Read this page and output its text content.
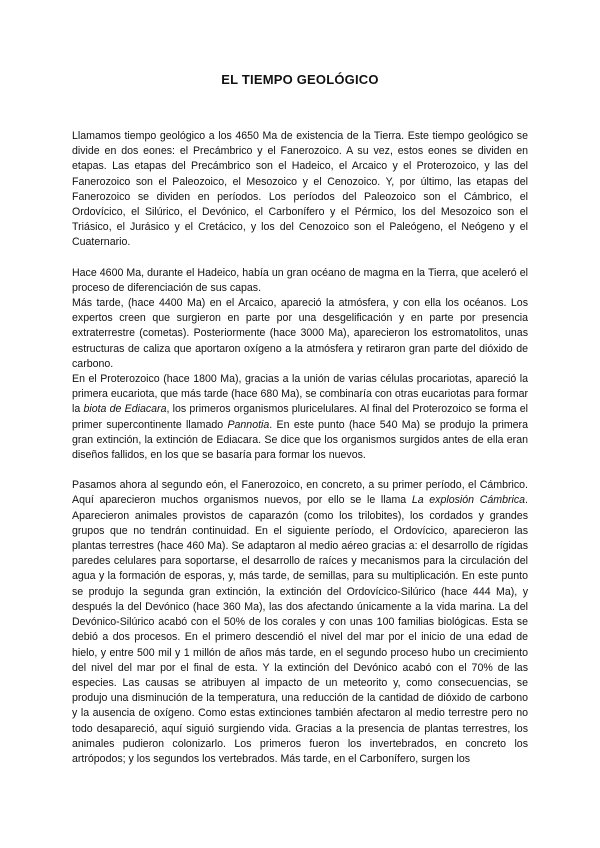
EL TIEMPO GEOLÓGICO

Llamamos tiempo geológico a los 4650 Ma de existencia de la Tierra. Este tiempo geológico se divide en dos eones: el Precámbrico y el Fanerozoico. A su vez, estos eones se dividen en etapas. Las etapas del Precámbrico son el Hadeico, el Arcaico y el Proterozoico, y las del Fanerozoico son el Paleozoico, el Mesozoico y el Cenozoico. Y, por último, las etapas del Fanerozoico se dividen en períodos. Los períodos del Paleozoico son el Cámbrico, el Ordovícico, el Silúrico, el Devónico, el Carbonífero y el Pérmico, los del Mesozoico son el Triásico, el Jurásico y el Cretácico, y los del Cenozoico son el Paleógeno, el Neógeno y el Cuaternario.

Hace 4600 Ma, durante el Hadeico, había un gran océano de magma en la Tierra, que aceleró el proceso de diferenciación de sus capas.

Más tarde, (hace 4400 Ma) en el Arcaico, apareció la atmósfera, y con ella los océanos. Los expertos creen que surgieron en parte por una desgelificación y en parte por presencia extraterrestre (cometas). Posteriormente (hace 3000 Ma), aparecieron los estromatolitos, unas estructuras de caliza que aportaron oxígeno a la atmósfera y retiraron gran parte del dióxido de carbono.

En el Proterozoico (hace 1800 Ma), gracias a la unión de varias células procariotas, apareció la primera eucariota, que más tarde (hace 680 Ma), se combinaría con otras eucariotas para formar la biota de Ediacara, los primeros organismos pluricelulares. Al final del Proterozoico se forma el primer supercontinente llamado Pannotia. En este punto (hace 540 Ma) se produjo la primera gran extinción, la extinción de Ediacara. Se dice que los organismos surgidos antes de ella eran diseños fallidos, en los que se basaría para formar los nuevos.

Pasamos ahora al segundo eón, el Fanerozoico, en concreto, a su primer período, el Cámbrico. Aquí aparecieron muchos organismos nuevos, por ello se le llama La explosión Cámbrica. Aparecieron animales provistos de caparazón (como los trilobites), los cordados y grandes grupos que no tendrán continuidad. En el siguiente período, el Ordovícico, aparecieron las plantas terrestres (hace 460 Ma). Se adaptaron al medio aéreo gracias a: el desarrollo de rígidas paredes celulares para soportarse, el desarrollo de raíces y mecanismos para la circulación del agua y la formación de esporas, y, más tarde, de semillas, para su multiplicación. En este punto se produjo la segunda gran extinción, la extinción del Ordovícico-Silúrico (hace 444 Ma), y después la del Devónico (hace 360 Ma), las dos afectando únicamente a la vida marina. La del Devónico-Silúrico acabó con el 50% de los corales y con unas 100 familias biológicas. Esta se debió a dos procesos. En el primero descendió el nivel del mar por el inicio de una edad de hielo, y entre 500 mil y 1 millón de años más tarde, en el segundo proceso hubo un crecimiento del nivel del mar por el final de esta. Y la extinción del Devónico acabó con el 70% de las especies. Las causas se atribuyen al impacto de un meteorito y, como consecuencias, se produjo una disminución de la temperatura, una reducción de la cantidad de dióxido de carbono y la ausencia de oxígeno. Como estas extinciones también afectaron al medio terrestre pero no todo desapareció, aquí siguió surgiendo vida. Gracias a la presencia de plantas terrestres, los animales pudieron colonizarlo. Los primeros fueron los invertebrados, en concreto los artrópodos; y los segundos los vertebrados. Más tarde, en el Carbonífero, surgen los
